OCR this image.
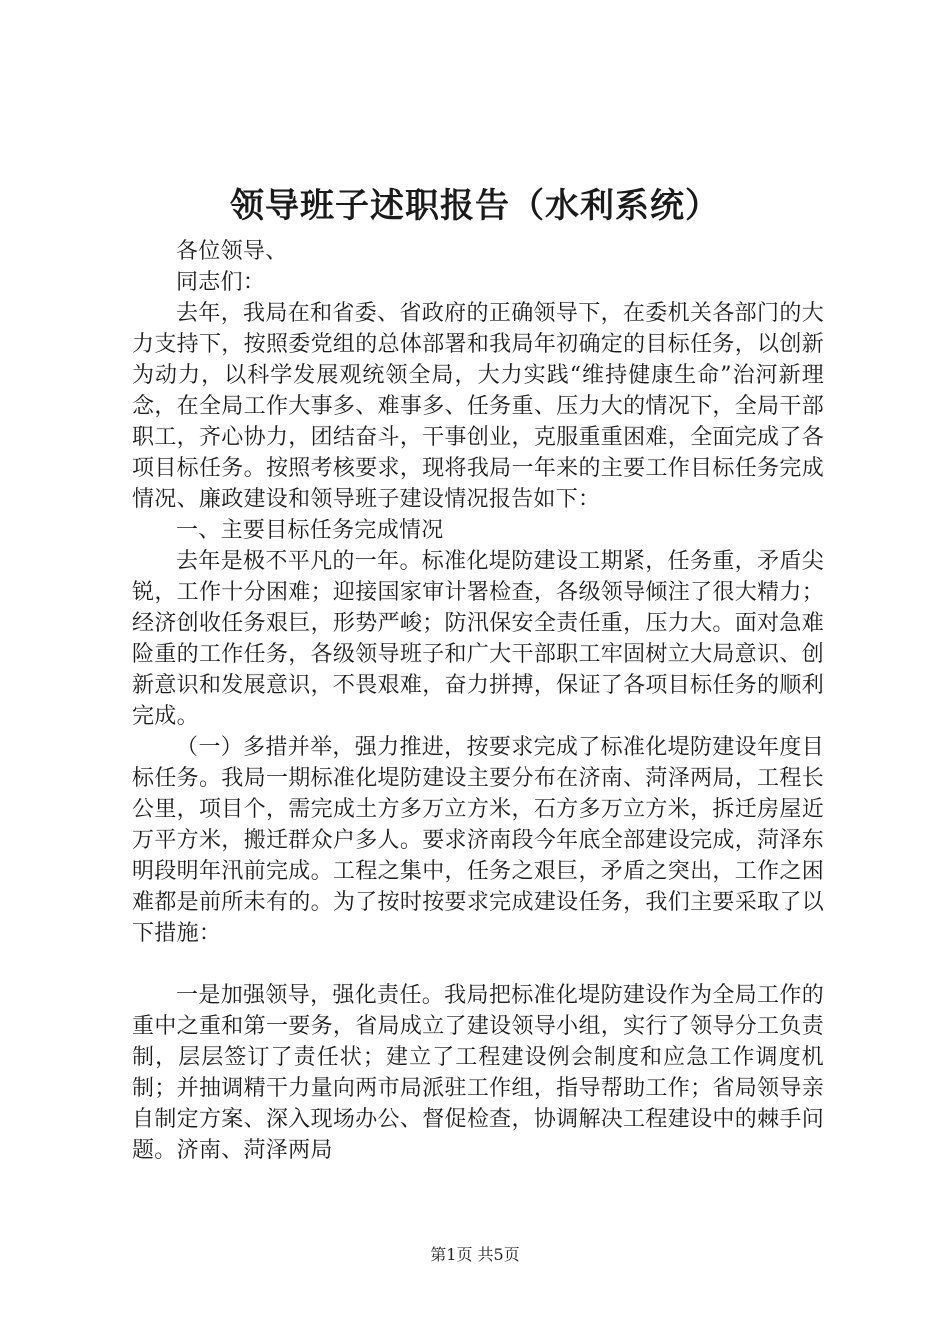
领导班子述职报告（水利系统）

各位领导、

同志们：

去年，我局在和省委、省政府的正确领导下，在委机关各部门的大力支持下，按照委党组的总体部署和我局年初确定的目标任务，以创新为动力，以科学发展观统领全局，大力实践“维持健康生命”治河新理念，在全局工作大事多、难事多、任务重、压力大的情况下，全局干部职工，齐心协力，团结奋斗，干事创业，克服重重困难，全面完成了各项目标任务。按照考核要求，现将我局一年来的主要工作目标任务完成情况、廉政建设和领导班子建设情况报告如下：

一、主要目标任务完成情况

去年是极不平凡的一年。标准化堤防建设工期紧，任务重，矛盾尖锐，工作十分困难；迎接国家审计署检查，各级领导倾注了很大精力；经济创收任务艰巨，形势严峻；防汛保安全责任重，压力大。面对急难险重的工作任务，各级领导班子和广大干部职工牢固树立大局意识、创新意识和发展意识，不畏艰难，奋力拼搏，保证了各项目标任务的顺利完成。

（一）多措并举，强力推进，按要求完成了标准化堤防建设年度目标任务。我局一期标准化堤防建设主要分布在济南、菏泽两局，工程长公里，项目个，需完成土方多万立方米，石方多万立方米，拆迁房屋近万平方米，搬迁群众户多人。要求济南段今年底全部建设完成，菏泽东明段明年汛前完成。工程之集中，任务之艰巨，矛盾之突出，工作之困难都是前所未有的。为了按时按要求完成建设任务，我们主要采取了以下措施：

一是加强领导，强化责任。我局把标准化堤防建设作为全局工作的重中之重和第一要务，省局成立了建设领导小组，实行了领导分工负责制，层层签订了责任状；建立了工程建设例会制度和应急工作调度机制；并抽调精干力量向两市局派驻工作组，指导帮助工作；省局领导亲自制定方案、深入现场办公、督促检查，协调解决工程建设中的棘手问题。济南、菏泽两局

第1页 共5页
